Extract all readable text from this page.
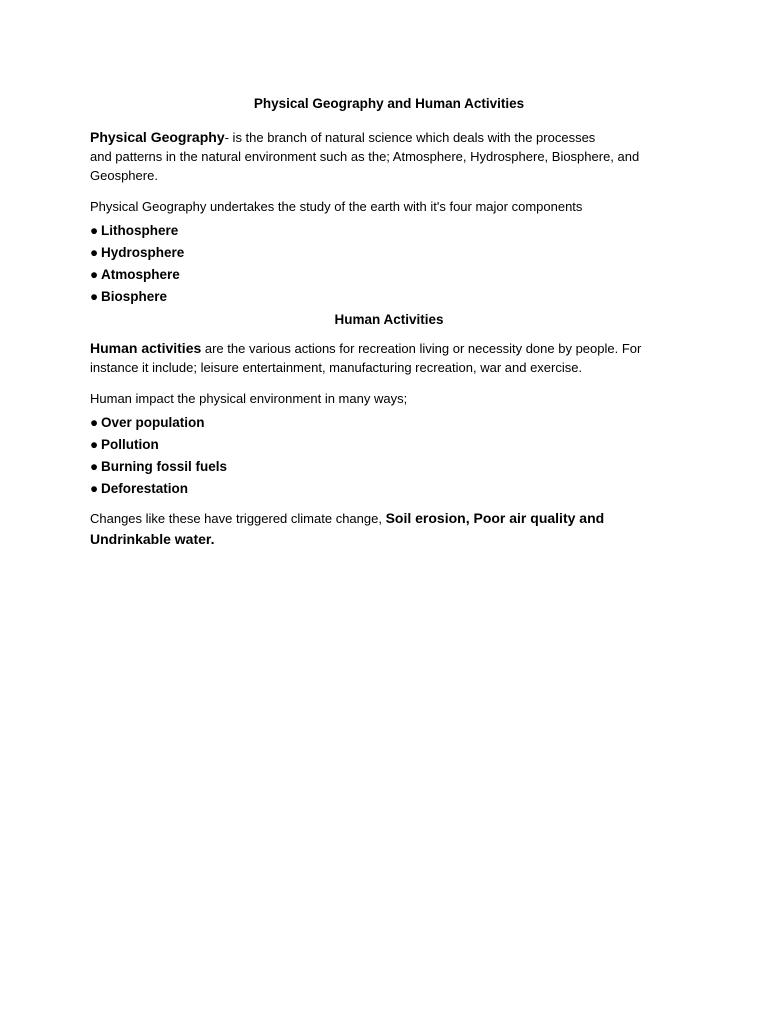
Physical Geography and Human Activities

Physical Geography- is the branch of natural science which deals with the processes
and patterns in the natural environment such as the; Atmosphere, Hydrosphere, Biosphere, and Geosphere.

Physical Geography undertakes the study of the earth with it's four major components

● Lithosphere
● Hydrosphere
● Atmosphere
● Biosphere
Human Activities

Human activities are the various actions for recreation living or necessity done by people. For instance it include; leisure entertainment, manufacturing recreation, war and exercise.

Human impact the physical environment in many ways;

● Over population
● Pollution
● Burning fossil fuels
● Deforestation

Changes like these have triggered climate change, Soil erosion, Poor air quality and Undrinkable water.
